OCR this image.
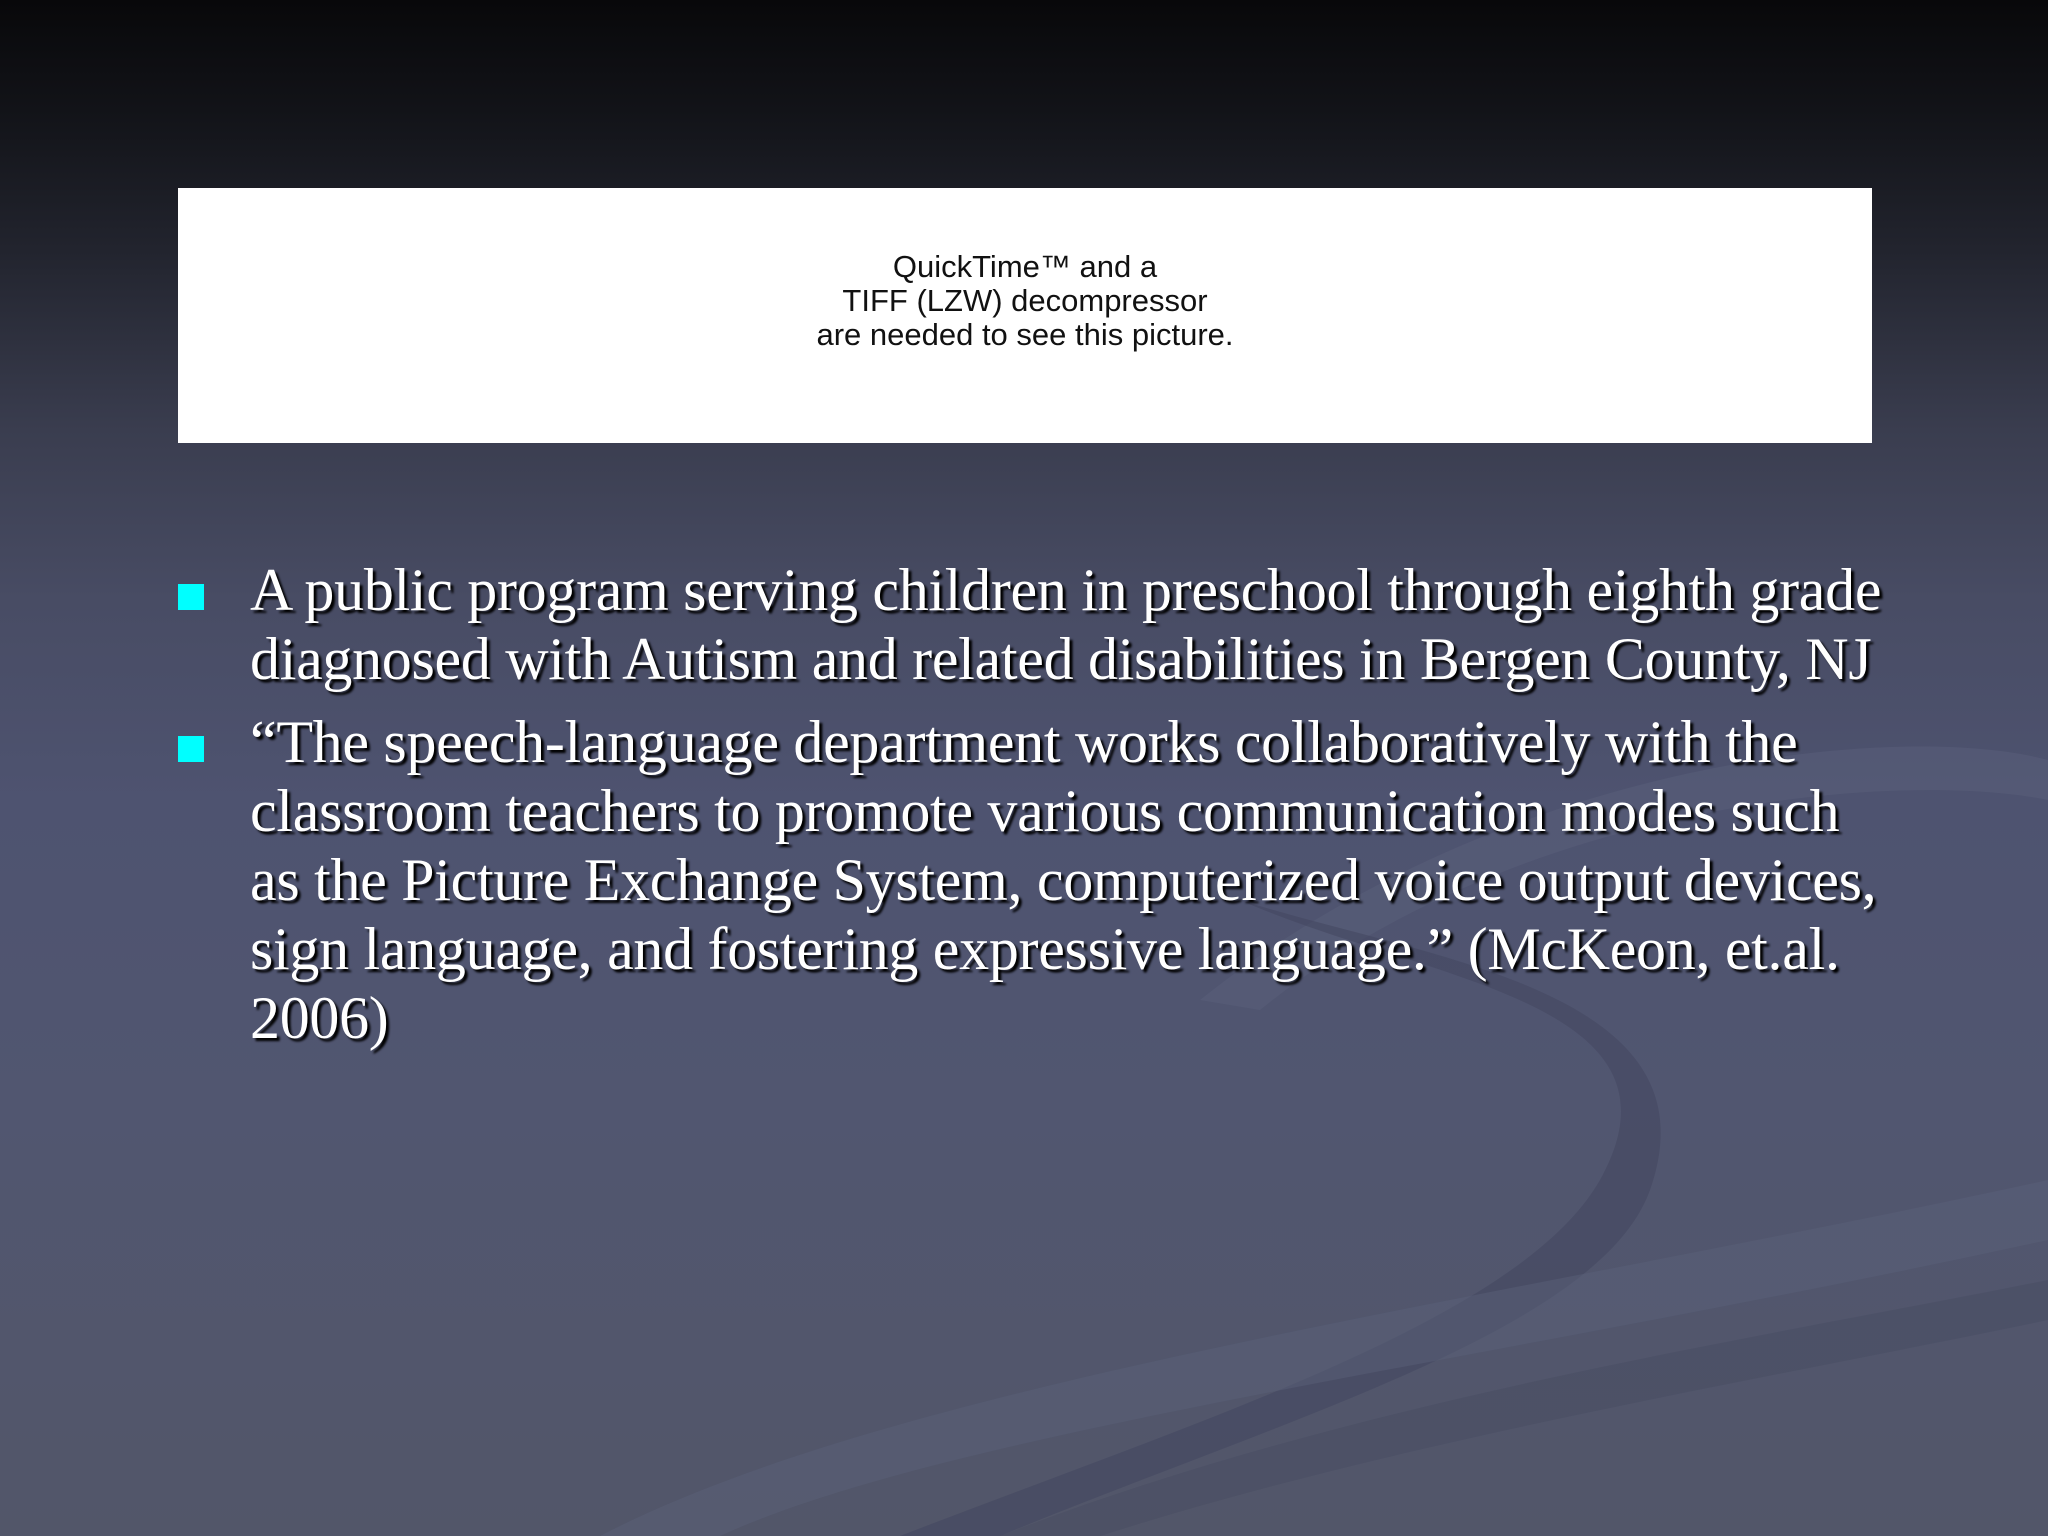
QuickTime™ and a
TIFF (LZW) decompressor
are needed to see this picture.
A public program serving children in preschool through eighth grade diagnosed with Autism and related disabilities in Bergen County, NJ
“The speech-language department works collaboratively with the classroom teachers to promote various communication modes such as the Picture Exchange System, computerized voice output devices, sign language, and fostering expressive language.” (McKeon, et.al. 2006)
